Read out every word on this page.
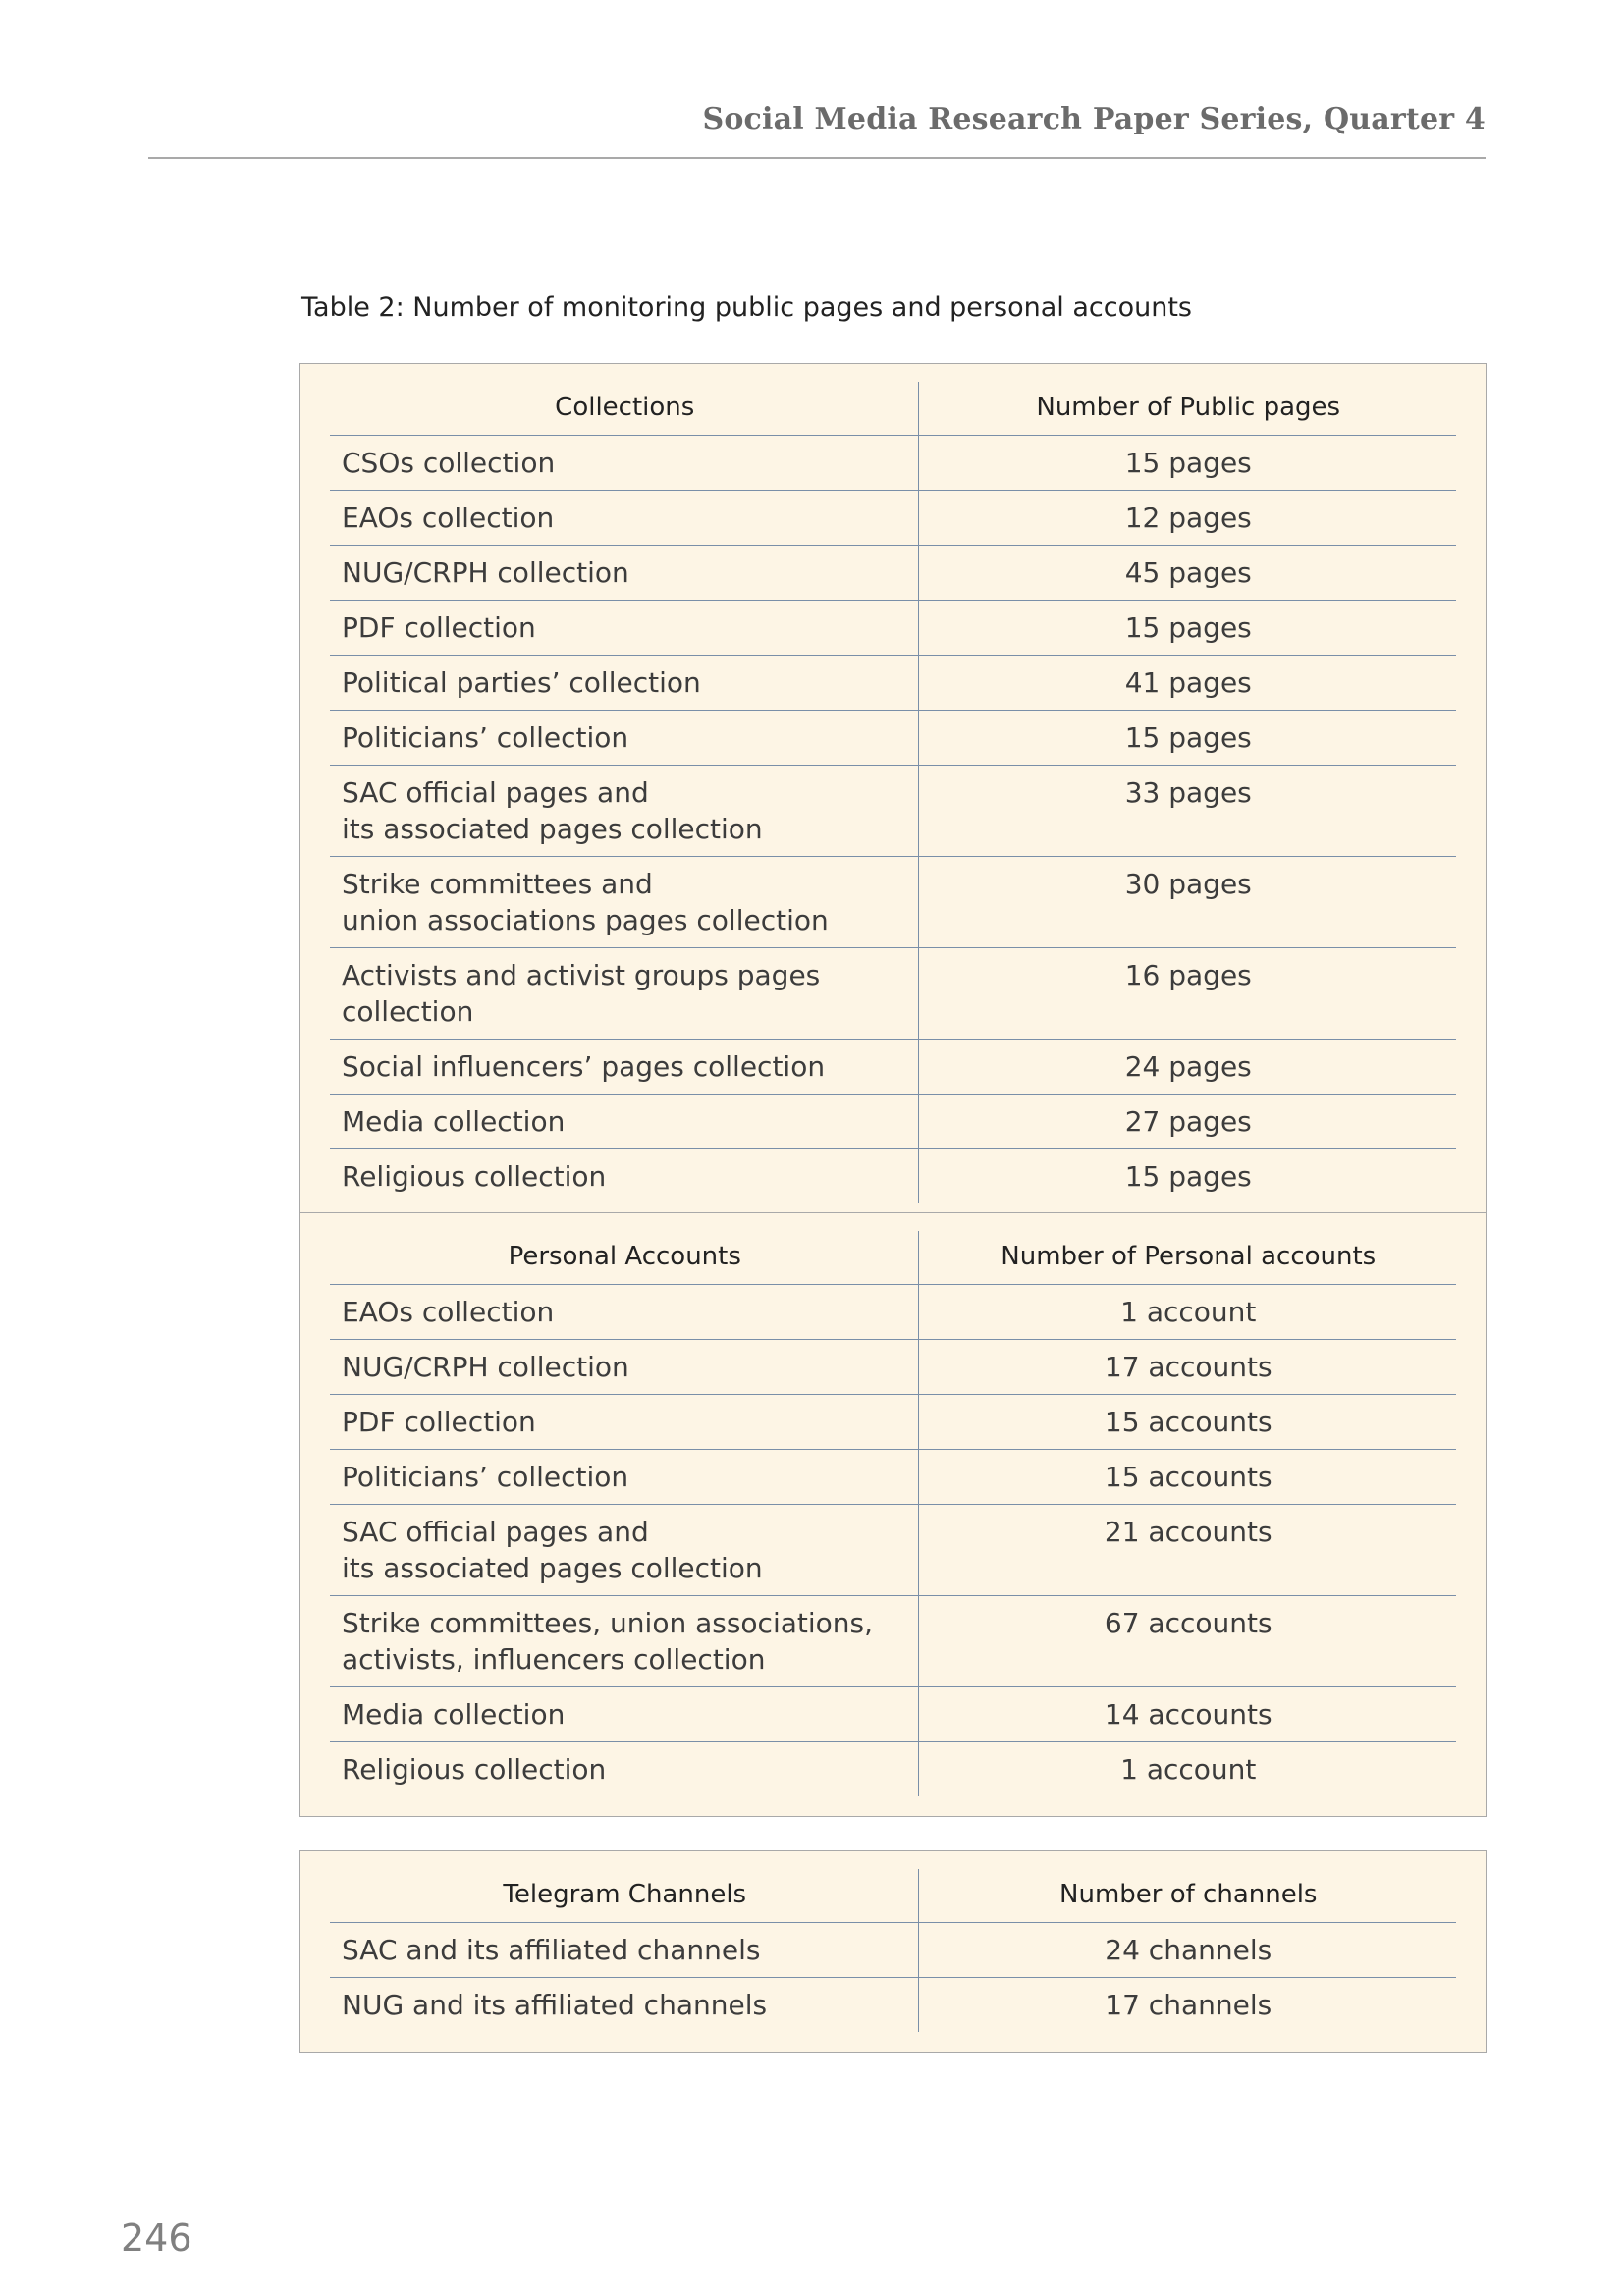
Social Media Research Paper Series, Quarter 4
Table 2: Number of monitoring public pages and personal accounts
Collections	Number of Public pages
CSOs collection	15 pages
EAOs collection	12 pages
NUG/CRPH collection	45 pages
PDF collection	15 pages
Political parties’ collection	41 pages
Politicians’ collection	15 pages
SAC official pages and
its associated pages collection	33 pages
Strike committees and
union associations pages collection	30 pages
Activists and activist groups pages collection	16 pages
Social influencers’ pages collection	24 pages
Media collection	27 pages
Religious collection	15 pages
Personal Accounts	Number of Personal accounts
EAOs collection	1 account
NUG/CRPH collection	17 accounts
PDF collection	15 accounts
Politicians’ collection	15 accounts
SAC official pages and
its associated pages collection	21 accounts
Strike committees, union associations,
activists, influencers collection	67 accounts
Media collection	14 accounts
Religious collection	1 account
Telegram Channels	Number of channels
SAC and its affiliated channels	24 channels
NUG and its affiliated channels	17 channels
246
